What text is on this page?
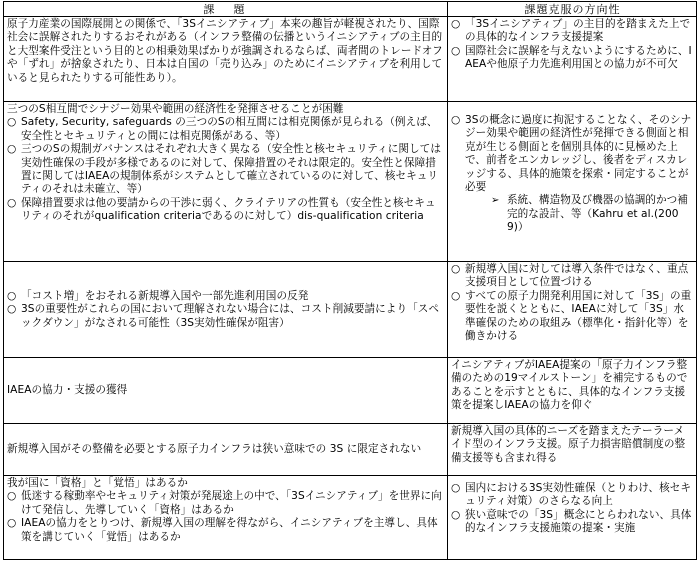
課　題	課題克服の方向性
原子力産業の国際展開との関係で、「3Sイニシアティブ」本来の趣旨が軽視されたり、国際社会に誤解されたりするおそれがある（インフラ整備の伝播というイニシアティブの主目的と大型案件受注という目的との相乗効果ばかりが強調されるならば、両者間のトレードオフや「ずれ」が捨象されたり、日本は自国の「売り込み」のためにイニシアティブを利用していると見られたりする可能性あり）。
○ 「3Sイニシアティブ」の主目的を踏まえた上での具体的なインフラ支援提案
○ 国際社会に誤解を与えないようにするために、IAEAや他原子力先進利用国との協力が不可欠
三つのS相互間でシナジー効果や範囲の経済性を発揮させることが困難
○ Safety, Security, safeguards の三つのSの相互間には相克関係が見られる（例えば、安全性とセキュリティとの間には相克関係がある、等）
○ 三つのSの規制ガバナンスはそれぞれ大きく異なる（安全性と核セキュリティに関しては実効性確保の手段が多様であるのに対して、保障措置のそれは限定的。安全性と保障措置に関してはIAEAの規制体系がシステムとして確立されているのに対して、核セキュリティのそれは未確立、等）
○ 保障措置要求は他の要請からの干渉に弱く、クライテリアの性質も（安全性と核セキュリティのそれがqualification criteriaであるのに対して）dis-qualification criteria
○ 3Sの概念に過度に拘泥することなく、そのシナジー効果や範囲の経済性が発揮できる側面と相克が生じる側面とを個別具体的に見極めた上で、前者をエンカレッジし、後者をディスカレッジする、具体的施策を探索・同定することが必要
➢ 系統、構造物及び機器の協調的かつ補完的な設計、等（Kahru et al.(2009)）
○ 「コスト増」をおそれる新規導入国や一部先進利用国の反発
○ 3Sの重要性がこれらの国において理解されない場合には、コスト削減要請により「スペックダウン」がなされる可能性（3S実効性確保が阻害）
○ 新規導入国に対しては導入条件ではなく、重点支援項目として位置づける
○ すべての原子力開発利用国に対して「3S」の重要性を説くとともに、IAEAに対して「3S」水準確保のための取組み（標準化・指針化等）を働きかける
IAEAの協力・支援の獲得
イニシアティブがIAEA提案の「原子力インフラ整備のための19マイルストーン」を補完するものであることを示すとともに、具体的なインフラ支援策を提案しIAEAの協力を仰ぐ
新規導入国がその整備を必要とする原子力インフラは狭い意味での 3S に限定されない
新規導入国の具体的ニーズを踏まえたテーラーメイド型のインフラ支援。原子力損害賠償制度の整備支援等も含まれ得る
我が国に「資格」と「覚悟」はあるか
○ 低迷する稼動率やセキュリティ対策が発展途上の中で、「3Sイニシアティブ」を世界に向けて発信し、先導していく「資格」はあるか
○ IAEAの協力をとりつけ、新規導入国の理解を得ながら、イニシアティブを主導し、具体策を講じていく「覚悟」はあるか
○ 国内における3S実効性確保（とりわけ、核セキュリティ対策）のさらなる向上
○ 狭い意味での「3S」概念にとらわれない、具体的なインフラ支援施策の提案・実施
